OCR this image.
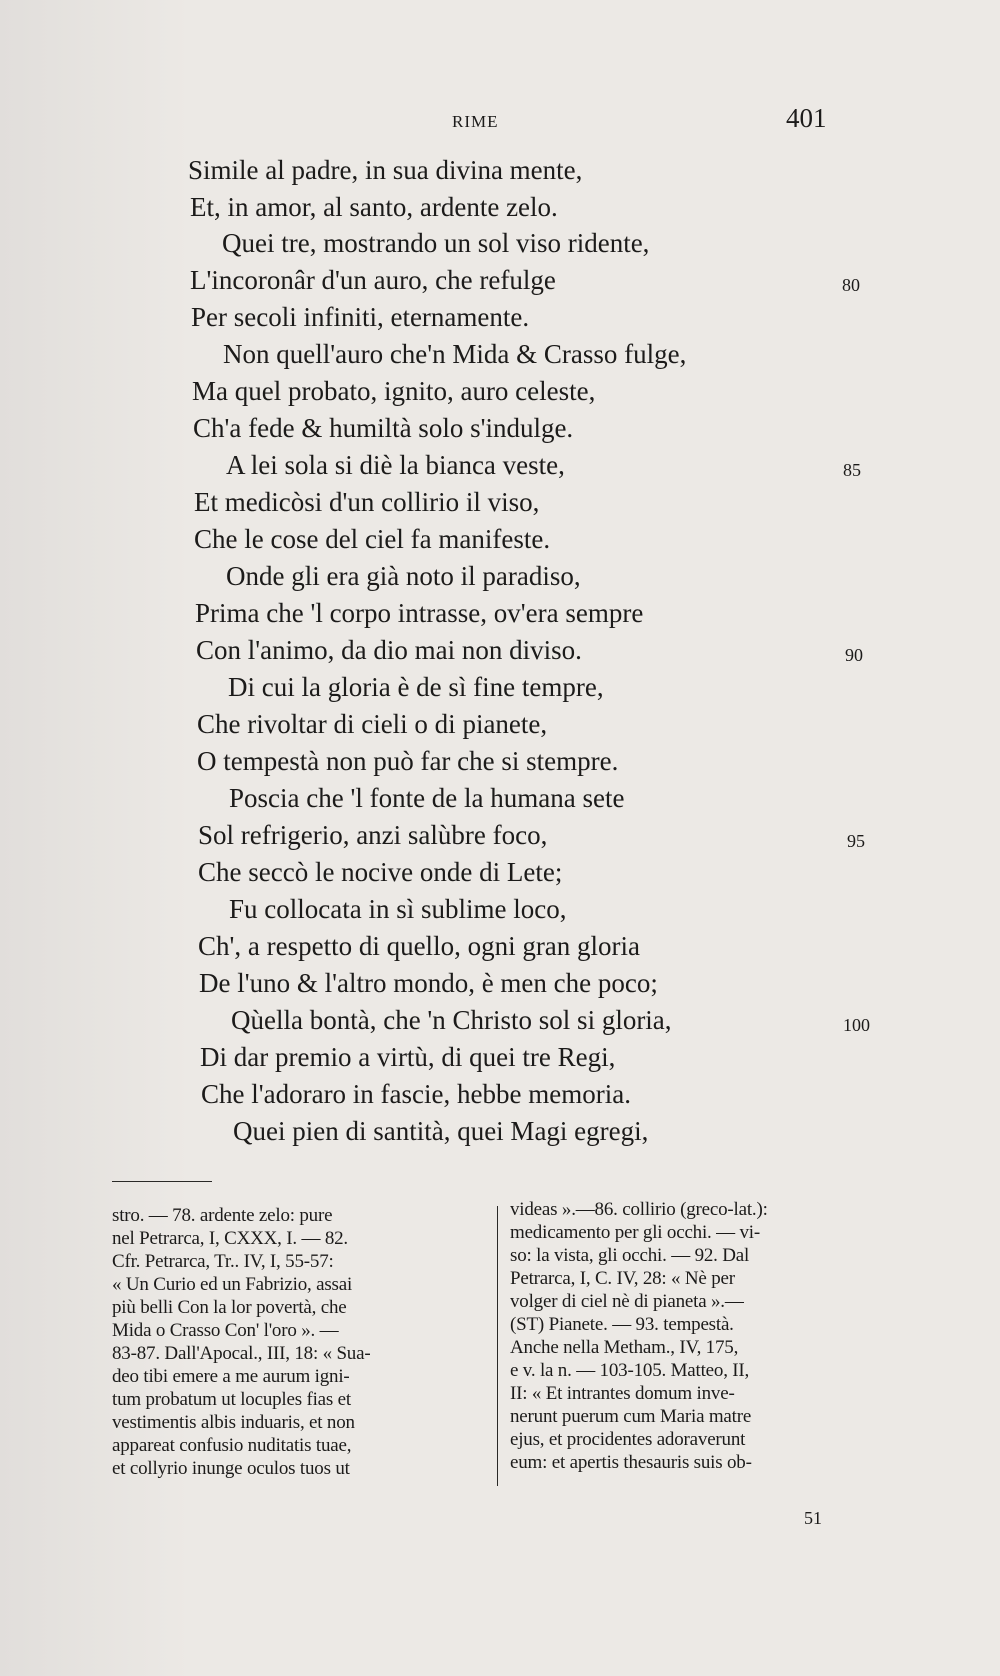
RIME	401
Simile al padre, in sua divina mente,
Et, in amor, al santo, ardente zelo.
Quei tre, mostrando un sol viso ridente,
L'incoronâr d'un auro, che refulge
Per secoli infiniti, eternamente.
Non quell'auro che'n Mida & Crasso fulge,
Ma quel probato, ignito, auro celeste,
Ch'a fede & humiltà solo s'indulge.
A lei sola si diè la bianca veste,
Et medicòsi d'un collirio il viso,
Che le cose del ciel fa manifeste.
Onde gli era già noto il paradiso,
Prima che 'l corpo intrasse, ov'era sempre
Con l'animo, da dio mai non diviso.
Di cui la gloria è de sì fine tempre,
Che rivoltar di cieli o di pianete,
O tempestà non può far che si stempre.
Poscia che 'l fonte de la humana sete
Sol refrigerio, anzi salùbre foco,
Che seccò le nocive onde di Lete;
Fu collocata in sì sublime loco,
Ch', a respetto di quello, ogni gran gloria
De l'uno & l'altro mondo, è men che poco;
Qùella bontà, che 'n Christo sol si gloria,
Di dar premio a virtù, di quei tre Regi,
Che l'adoraro in fascie, hebbe memoria.
Quei pien di santità, quei Magi egregi,
80
85
90
95
100
stro. — 78. ardente zelo: pure
nel Petrarca, I, CXXX, I. — 82.
Cfr. Petrarca, Tr.. IV, I, 55-57:
« Un Curio ed un Fabrizio, assai
più belli Con la lor povertà, che
Mida o Crasso Con' l'oro ». —
83-87. Dall'Apocal., III, 18: « Sua-
deo tibi emere a me aurum igni-
tum probatum ut locuples fias et
vestimentis albis induaris, et non
appareat confusio nuditatis tuae,
et collyrio inunge oculos tuos ut
videas ».—86. collirio (greco-lat.):
medicamento per gli occhi. — vi-
so: la vista, gli occhi. — 92. Dal
Petrarca, I, C. IV, 28: « Nè per
volger di ciel nè di pianeta ».—
(ST) Pianete. — 93. tempestà.
Anche nella Metham., IV, 175,
e v. la n. — 103-105. Matteo, II,
II: « Et intrantes domum inve-
nerunt puerum cum Maria matre
ejus, et procidentes adoraverunt
eum: et apertis thesauris suis ob-
51
